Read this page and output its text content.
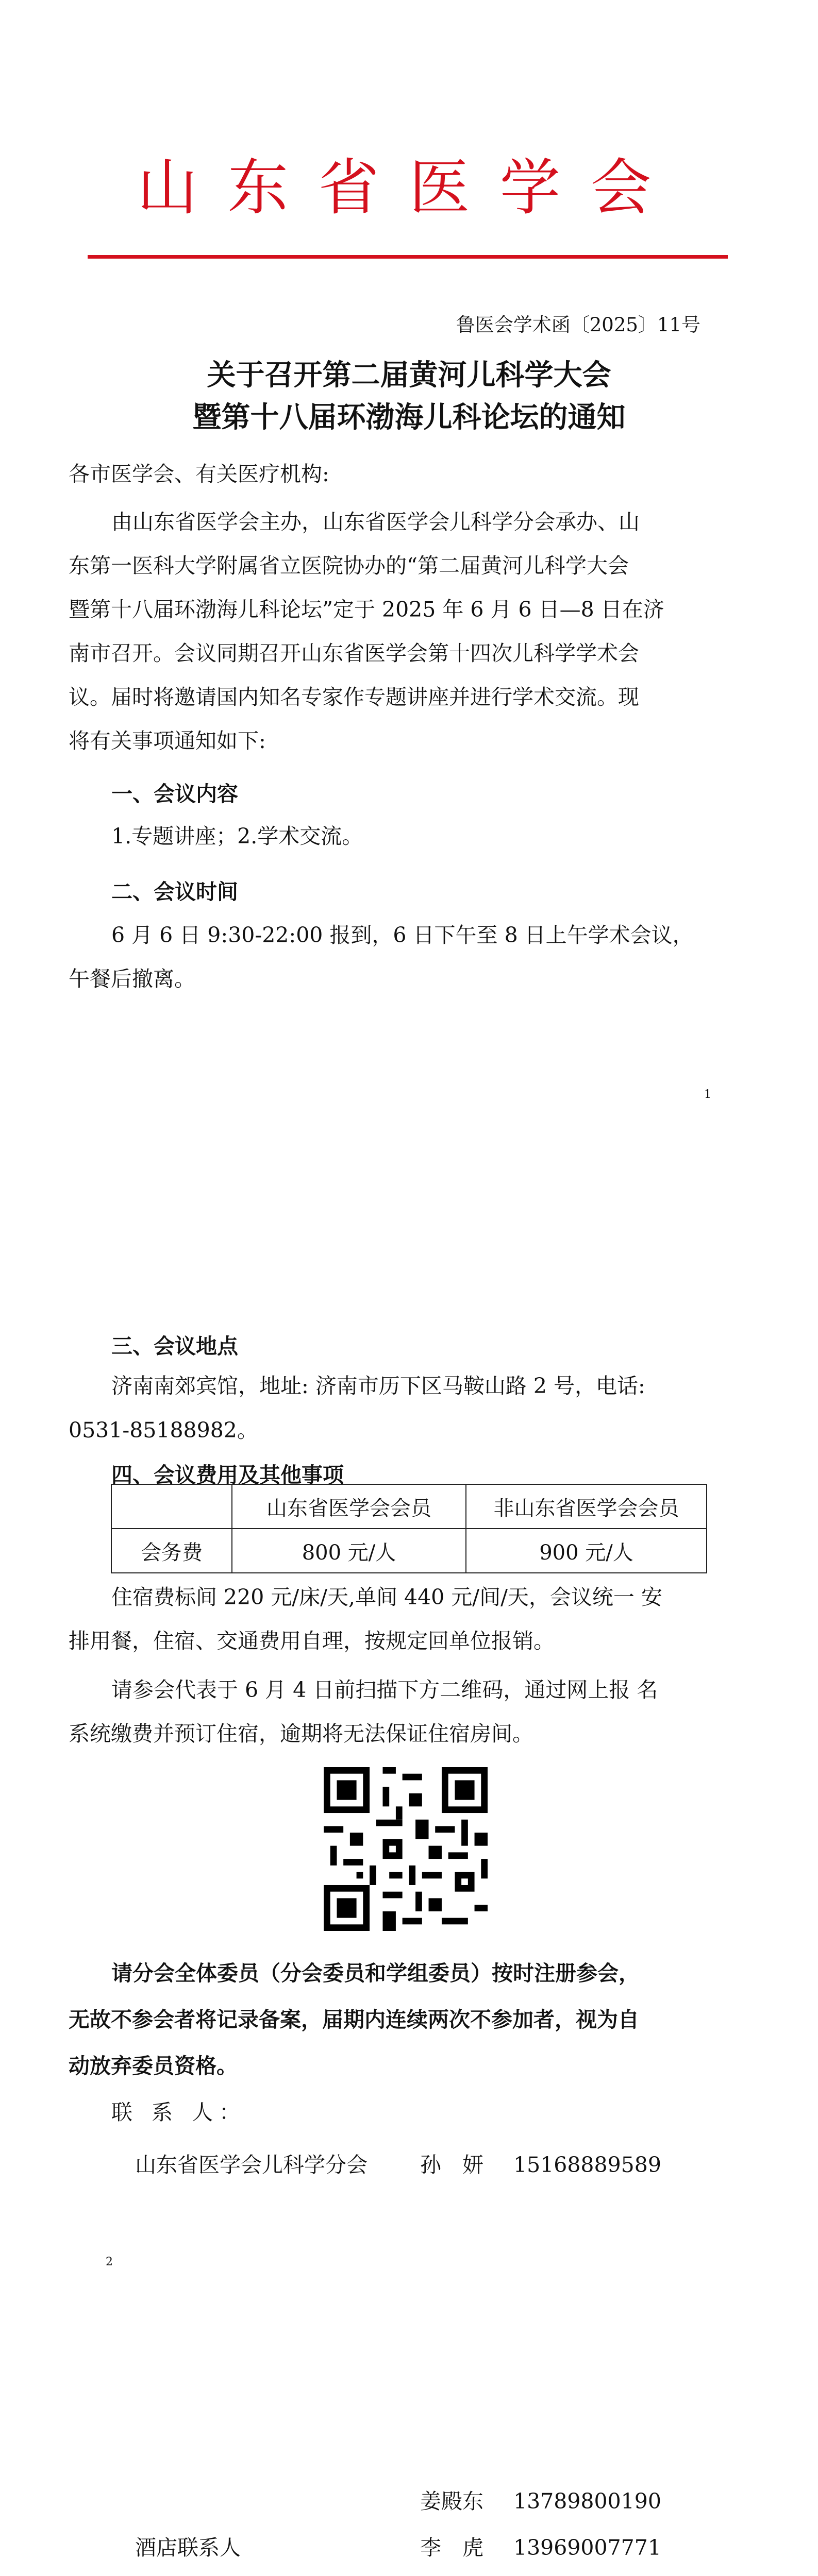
山东省医学会
鲁医会学术函〔2025〕11号
关于召开第二届黄河儿科学大会
暨第十八届环渤海儿科论坛的通知
各市医学会、有关医疗机构:
由山东省医学会主办，山东省医学会儿科学分会承办、山
东第一医科大学附属省立医院协办的“第二届黄河儿科学大会
暨第十八届环渤海儿科论坛”定于 2025 年 6 月 6 日—8 日在济
南市召开。会议同期召开山东省医学会第十四次儿科学学术会
议。届时将邀请国内知名专家作专题讲座并进行学术交流。现
将有关事项通知如下:
一、会议内容
1.专题讲座；2.学术交流。
二、会议时间
6 月 6 日 9:30-22:00 报到，6 日下午至 8 日上午学术会议，
午餐后撤离。
1
三、会议地点
济南南郊宾馆，地址: 济南市历下区马鞍山路 2 号，电话:
0531-85188982。
四、会议费用及其他事项
	山东省医学会会员	非山东省医学会会员
会务费	800 元/人	900 元/人
住宿费标间 220 元/床/天,单间 440 元/间/天，会议统一 安
排用餐，住宿、交通费用自理，按规定回单位报销。
请参会代表于 6 月 4 日前扫描下方二维码，通过网上报 名
系统缴费并预订住宿，逾期将无法保证住宿房间。
请分会全体委员（分会委员和学组委员）按时注册参会，
无故不参会者将记录备案，届期内连续两次不参加者，视为自
动放弃委员资格。
联 系 人：
山东省医学会儿科学分会 孙　妍 15168889589
2
姜殿东 13789800190
酒店联系人	李　虎 13969007771
